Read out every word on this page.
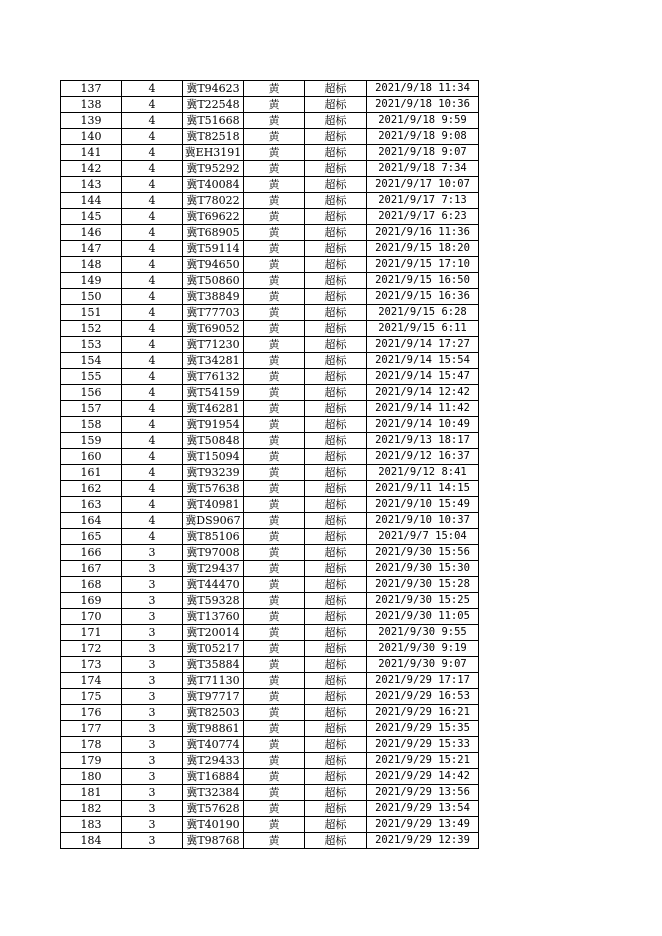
137	4	冀T94623	黄	超标	2021/9/18 11:34
138	4	冀T22548	黄	超标	2021/9/18 10:36
139	4	冀T51668	黄	超标	2021/9/18 9:59
140	4	冀T82518	黄	超标	2021/9/18 9:08
141	4	冀EH3191	黄	超标	2021/9/18 9:07
142	4	冀T95292	黄	超标	2021/9/18 7:34
143	4	冀T40084	黄	超标	2021/9/17 10:07
144	4	冀T78022	黄	超标	2021/9/17 7:13
145	4	冀T69622	黄	超标	2021/9/17 6:23
146	4	冀T68905	黄	超标	2021/9/16 11:36
147	4	冀T59114	黄	超标	2021/9/15 18:20
148	4	冀T94650	黄	超标	2021/9/15 17:10
149	4	冀T50860	黄	超标	2021/9/15 16:50
150	4	冀T38849	黄	超标	2021/9/15 16:36
151	4	冀T77703	黄	超标	2021/9/15 6:28
152	4	冀T69052	黄	超标	2021/9/15 6:11
153	4	冀T71230	黄	超标	2021/9/14 17:27
154	4	冀T34281	黄	超标	2021/9/14 15:54
155	4	冀T76132	黄	超标	2021/9/14 15:47
156	4	冀T54159	黄	超标	2021/9/14 12:42
157	4	冀T46281	黄	超标	2021/9/14 11:42
158	4	冀T91954	黄	超标	2021/9/14 10:49
159	4	冀T50848	黄	超标	2021/9/13 18:17
160	4	冀T15094	黄	超标	2021/9/12 16:37
161	4	冀T93239	黄	超标	2021/9/12 8:41
162	4	冀T57638	黄	超标	2021/9/11 14:15
163	4	冀T40981	黄	超标	2021/9/10 15:49
164	4	冀DS9067	黄	超标	2021/9/10 10:37
165	4	冀T85106	黄	超标	2021/9/7 15:04
166	3	冀T97008	黄	超标	2021/9/30 15:56
167	3	冀T29437	黄	超标	2021/9/30 15:30
168	3	冀T44470	黄	超标	2021/9/30 15:28
169	3	冀T59328	黄	超标	2021/9/30 15:25
170	3	冀T13760	黄	超标	2021/9/30 11:05
171	3	冀T20014	黄	超标	2021/9/30 9:55
172	3	冀T05217	黄	超标	2021/9/30 9:19
173	3	冀T35884	黄	超标	2021/9/30 9:07
174	3	冀T71130	黄	超标	2021/9/29 17:17
175	3	冀T97717	黄	超标	2021/9/29 16:53
176	3	冀T82503	黄	超标	2021/9/29 16:21
177	3	冀T98861	黄	超标	2021/9/29 15:35
178	3	冀T40774	黄	超标	2021/9/29 15:33
179	3	冀T29433	黄	超标	2021/9/29 15:21
180	3	冀T16884	黄	超标	2021/9/29 14:42
181	3	冀T32384	黄	超标	2021/9/29 13:56
182	3	冀T57628	黄	超标	2021/9/29 13:54
183	3	冀T40190	黄	超标	2021/9/29 13:49
184	3	冀T98768	黄	超标	2021/9/29 12:39
